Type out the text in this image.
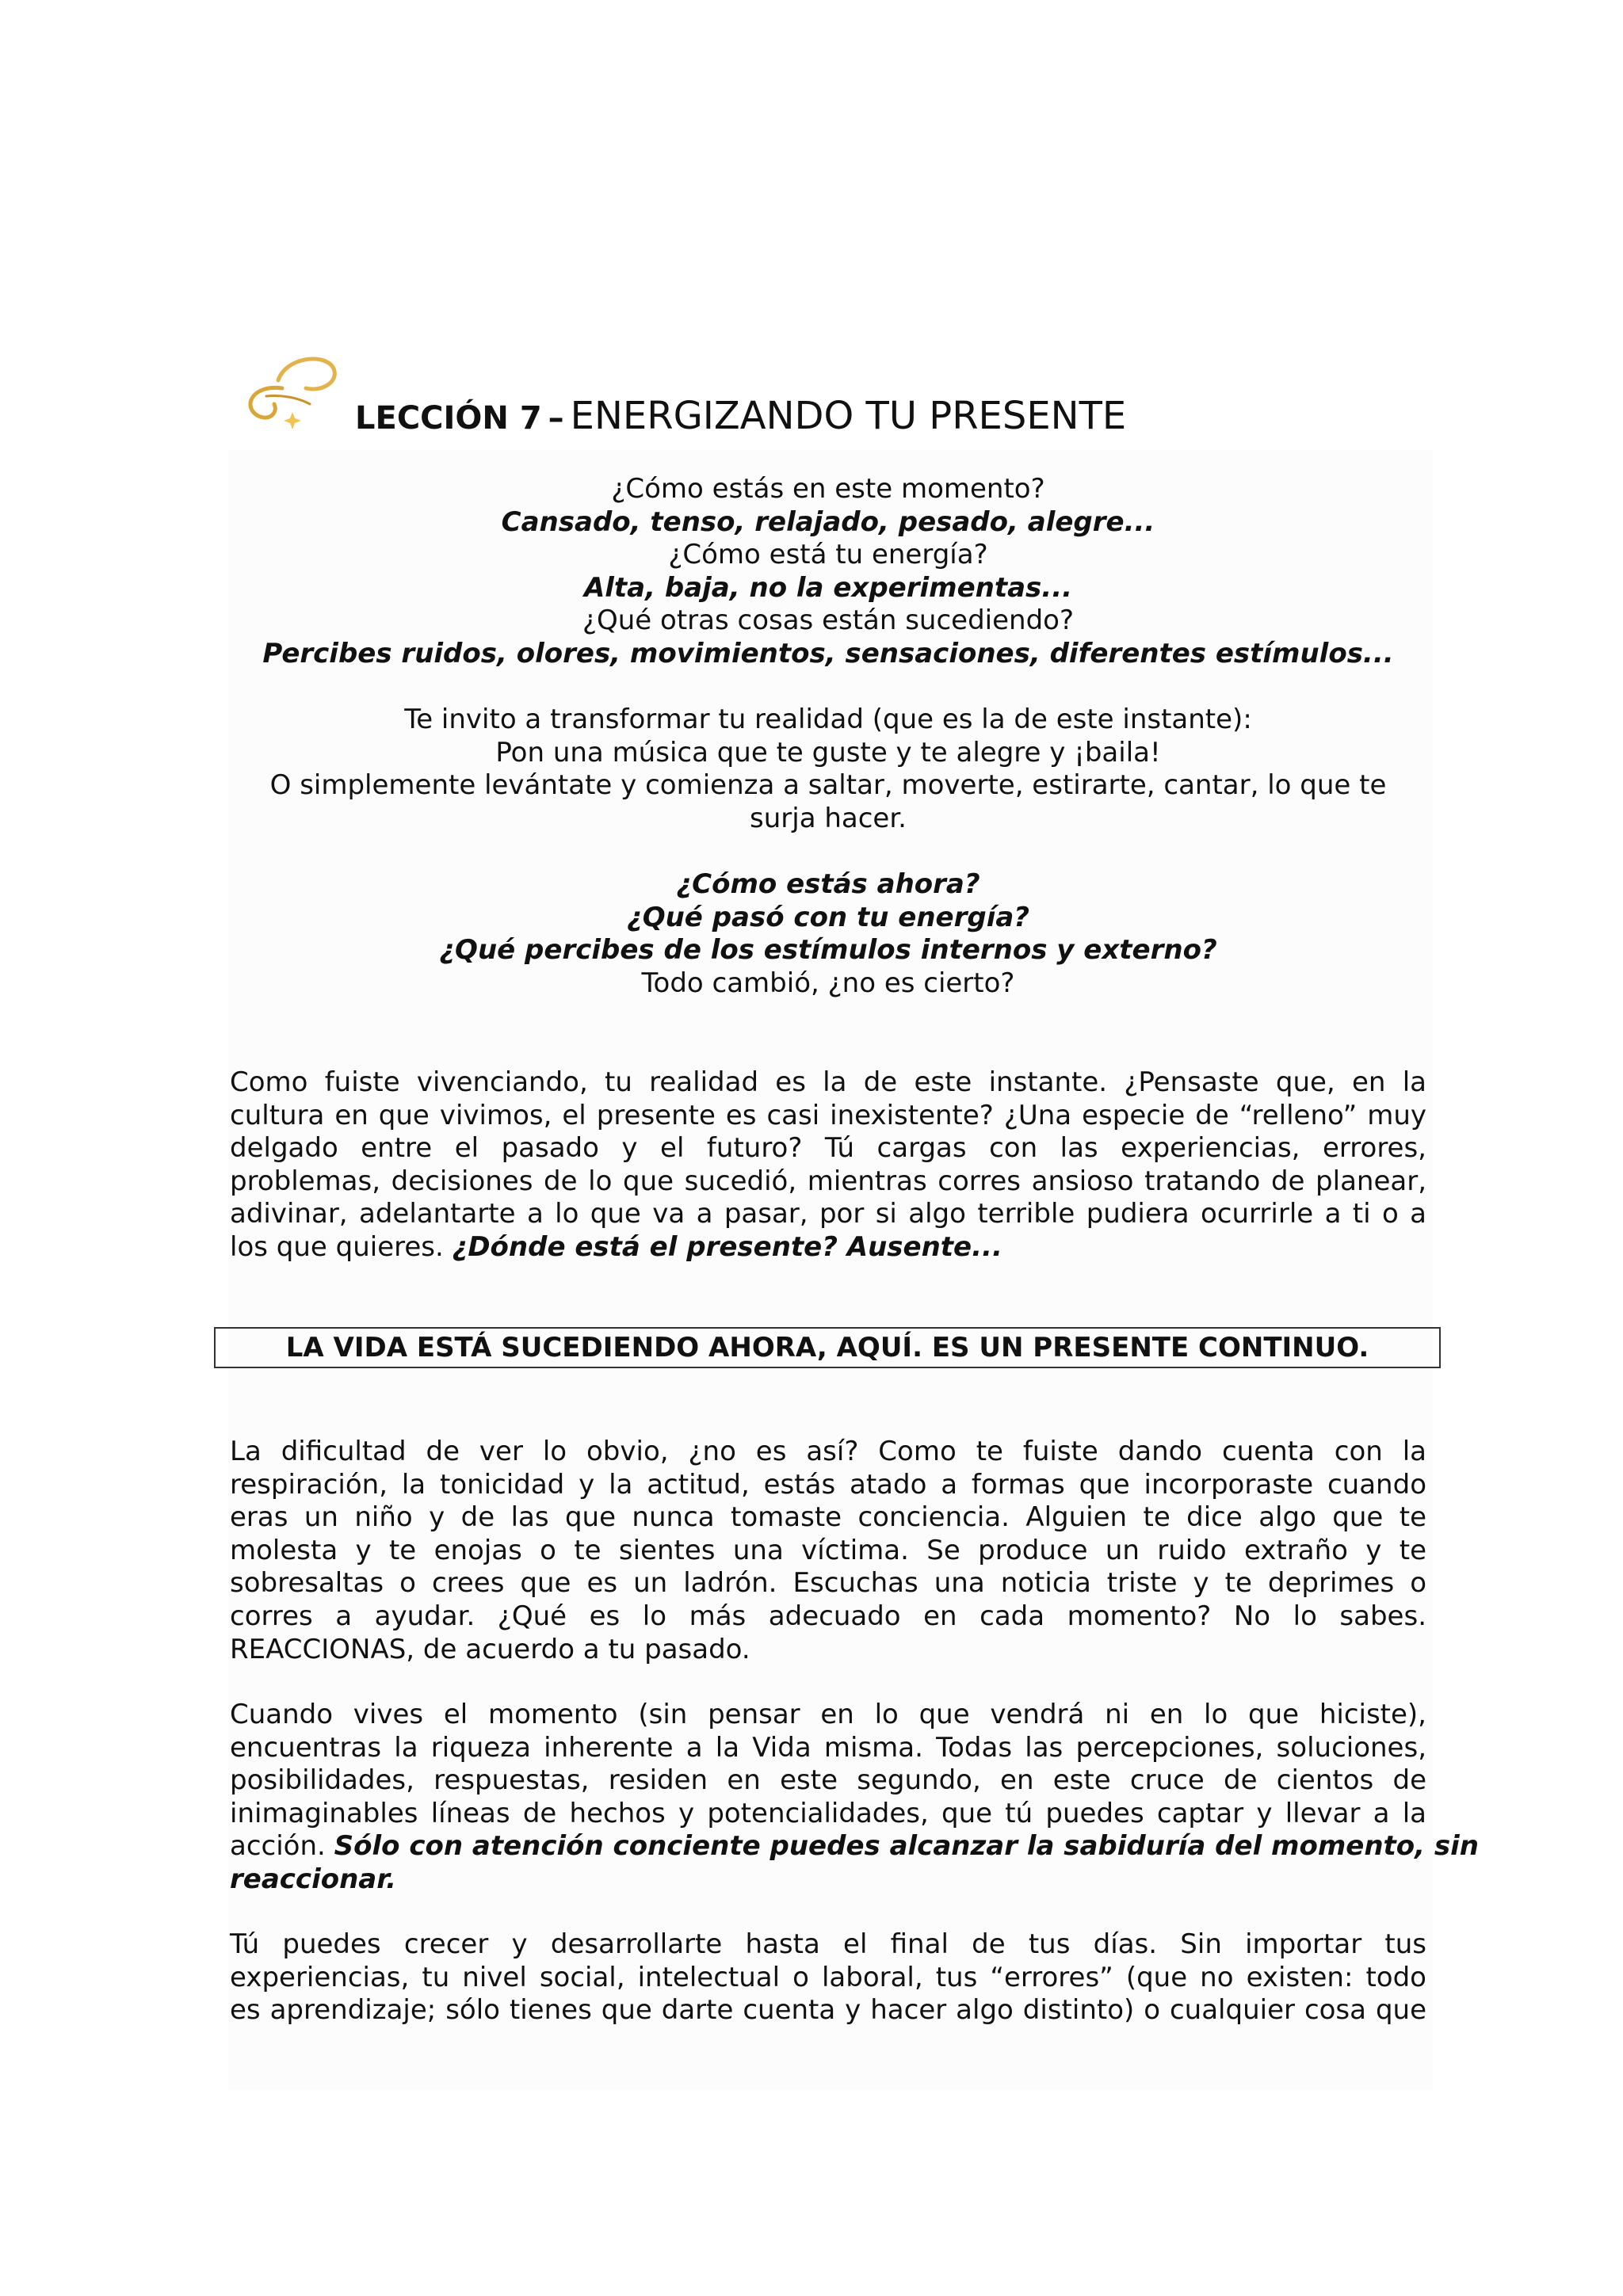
LECCIÓN 7 – ENERGIZANDO TU PRESENTE
¿Cómo estás en este momento?
Cansado, tenso, relajado, pesado, alegre...
¿Cómo está tu energía?
Alta, baja, no la experimentas...
¿Qué otras cosas están sucediendo?
Percibes ruidos, olores, movimientos, sensaciones, diferentes estímulos...
Te invito a transformar tu realidad (que es la de este instante):
Pon una música que te guste y te alegre y ¡baila!
O simplemente levántate y comienza a saltar, moverte, estirarte, cantar, lo que te
surja hacer.
¿Cómo estás ahora?
¿Qué pasó con tu energía?
¿Qué percibes de los estímulos internos y externo?
Todo cambió, ¿no es cierto?
Como fuiste vivenciando, tu realidad es la de este instante. ¿Pensaste que, en la
cultura en que vivimos, el presente es casi inexistente? ¿Una especie de “relleno” muy
delgado entre el pasado y el futuro? Tú cargas con las experiencias, errores,
problemas, decisiones de lo que sucedió, mientras corres ansioso tratando de planear,
adivinar, adelantarte a lo que va a pasar, por si algo terrible pudiera ocurrirle a ti o a
los que quieres. ¿Dónde está el presente? Ausente...
LA VIDA ESTÁ SUCEDIENDO AHORA, AQUÍ. ES UN PRESENTE CONTINUO.
La dificultad de ver lo obvio, ¿no es así? Como te fuiste dando cuenta con la
respiración, la tonicidad y la actitud, estás atado a formas que incorporaste cuando
eras un niño y de las que nunca tomaste conciencia. Alguien te dice algo que te
molesta y te enojas o te sientes una víctima. Se produce un ruido extraño y te
sobresaltas o crees que es un ladrón. Escuchas una noticia triste y te deprimes o
corres a ayudar. ¿Qué es lo más adecuado en cada momento? No lo sabes.
REACCIONAS, de acuerdo a tu pasado.
Cuando vives el momento (sin pensar en lo que vendrá ni en lo que hiciste),
encuentras la riqueza inherente a la Vida misma. Todas las percepciones, soluciones,
posibilidades, respuestas, residen en este segundo, en este cruce de cientos de
inimaginables líneas de hechos y potencialidades, que tú puedes captar y llevar a la
acción. Sólo con atención conciente puedes alcanzar la sabiduría del momento, sin
reaccionar.
Tú puedes crecer y desarrollarte hasta el final de tus días. Sin importar tus
experiencias, tu nivel social, intelectual o laboral, tus “errores” (que no existen: todo
es aprendizaje; sólo tienes que darte cuenta y hacer algo distinto) o cualquier cosa que
